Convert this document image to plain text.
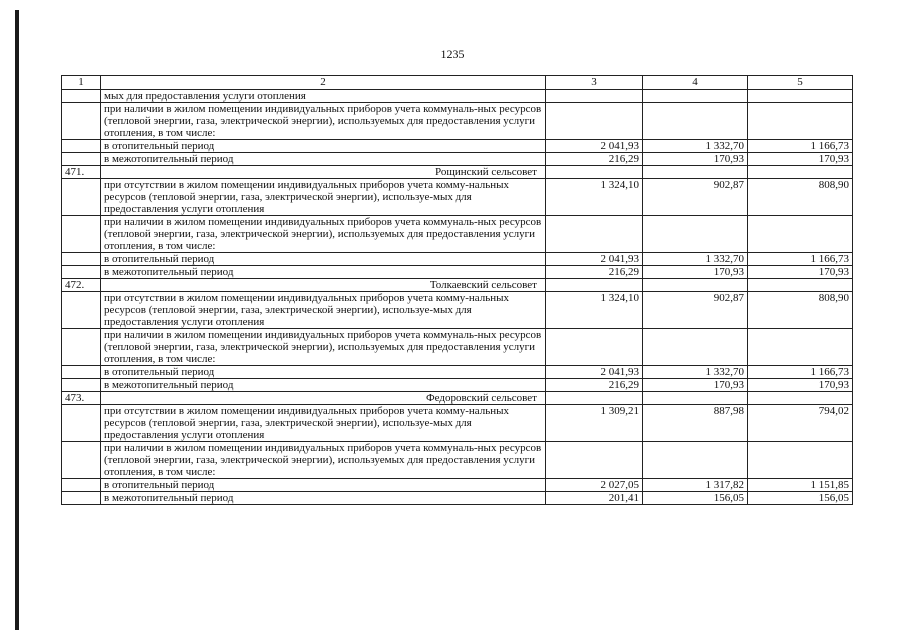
1235
1	2	3	4	5
	мых для предоставления услуги отопления			
	при наличии в жилом помещении индивидуальных приборов учета коммуналь-ных ресурсов (тепловой энергии, газа, электрической энергии), используемых для предоставления услуги отопления, в том числе:			
	в отопительный период	2 041,93	1 332,70	1 166,73
	в межотопительный период	216,29	170,93	170,93
471.	Рощинский сельсовет			
	при отсутствии в жилом помещении индивидуальных приборов учета комму-нальных ресурсов (тепловой энергии, газа, электрической энергии), используе-мых для предоставления услуги отопления	1 324,10	902,87	808,90
	при наличии в жилом помещении индивидуальных приборов учета коммуналь-ных ресурсов (тепловой энергии, газа, электрической энергии), используемых для предоставления услуги отопления, в том числе:			
	в отопительный период	2 041,93	1 332,70	1 166,73
	в межотопительный период	216,29	170,93	170,93
472.	Толкаевский сельсовет			
	при отсутствии в жилом помещении индивидуальных приборов учета комму-нальных ресурсов (тепловой энергии, газа, электрической энергии), используе-мых для предоставления услуги отопления	1 324,10	902,87	808,90
	при наличии в жилом помещении индивидуальных приборов учета коммуналь-ных ресурсов (тепловой энергии, газа, электрической энергии), используемых для предоставления услуги отопления, в том числе:			
	в отопительный период	2 041,93	1 332,70	1 166,73
	в межотопительный период	216,29	170,93	170,93
473.	Федоровский сельсовет			
	при отсутствии в жилом помещении индивидуальных приборов учета комму-нальных ресурсов (тепловой энергии, газа, электрической энергии), используе-мых для предоставления услуги отопления	1 309,21	887,98	794,02
	при наличии в жилом помещении индивидуальных приборов учета коммуналь-ных ресурсов (тепловой энергии, газа, электрической энергии), используемых для предоставления услуги отопления, в том числе:			
	в отопительный период	2 027,05	1 317,82	1 151,85
	в межотопительный период	201,41	156,05	156,05
